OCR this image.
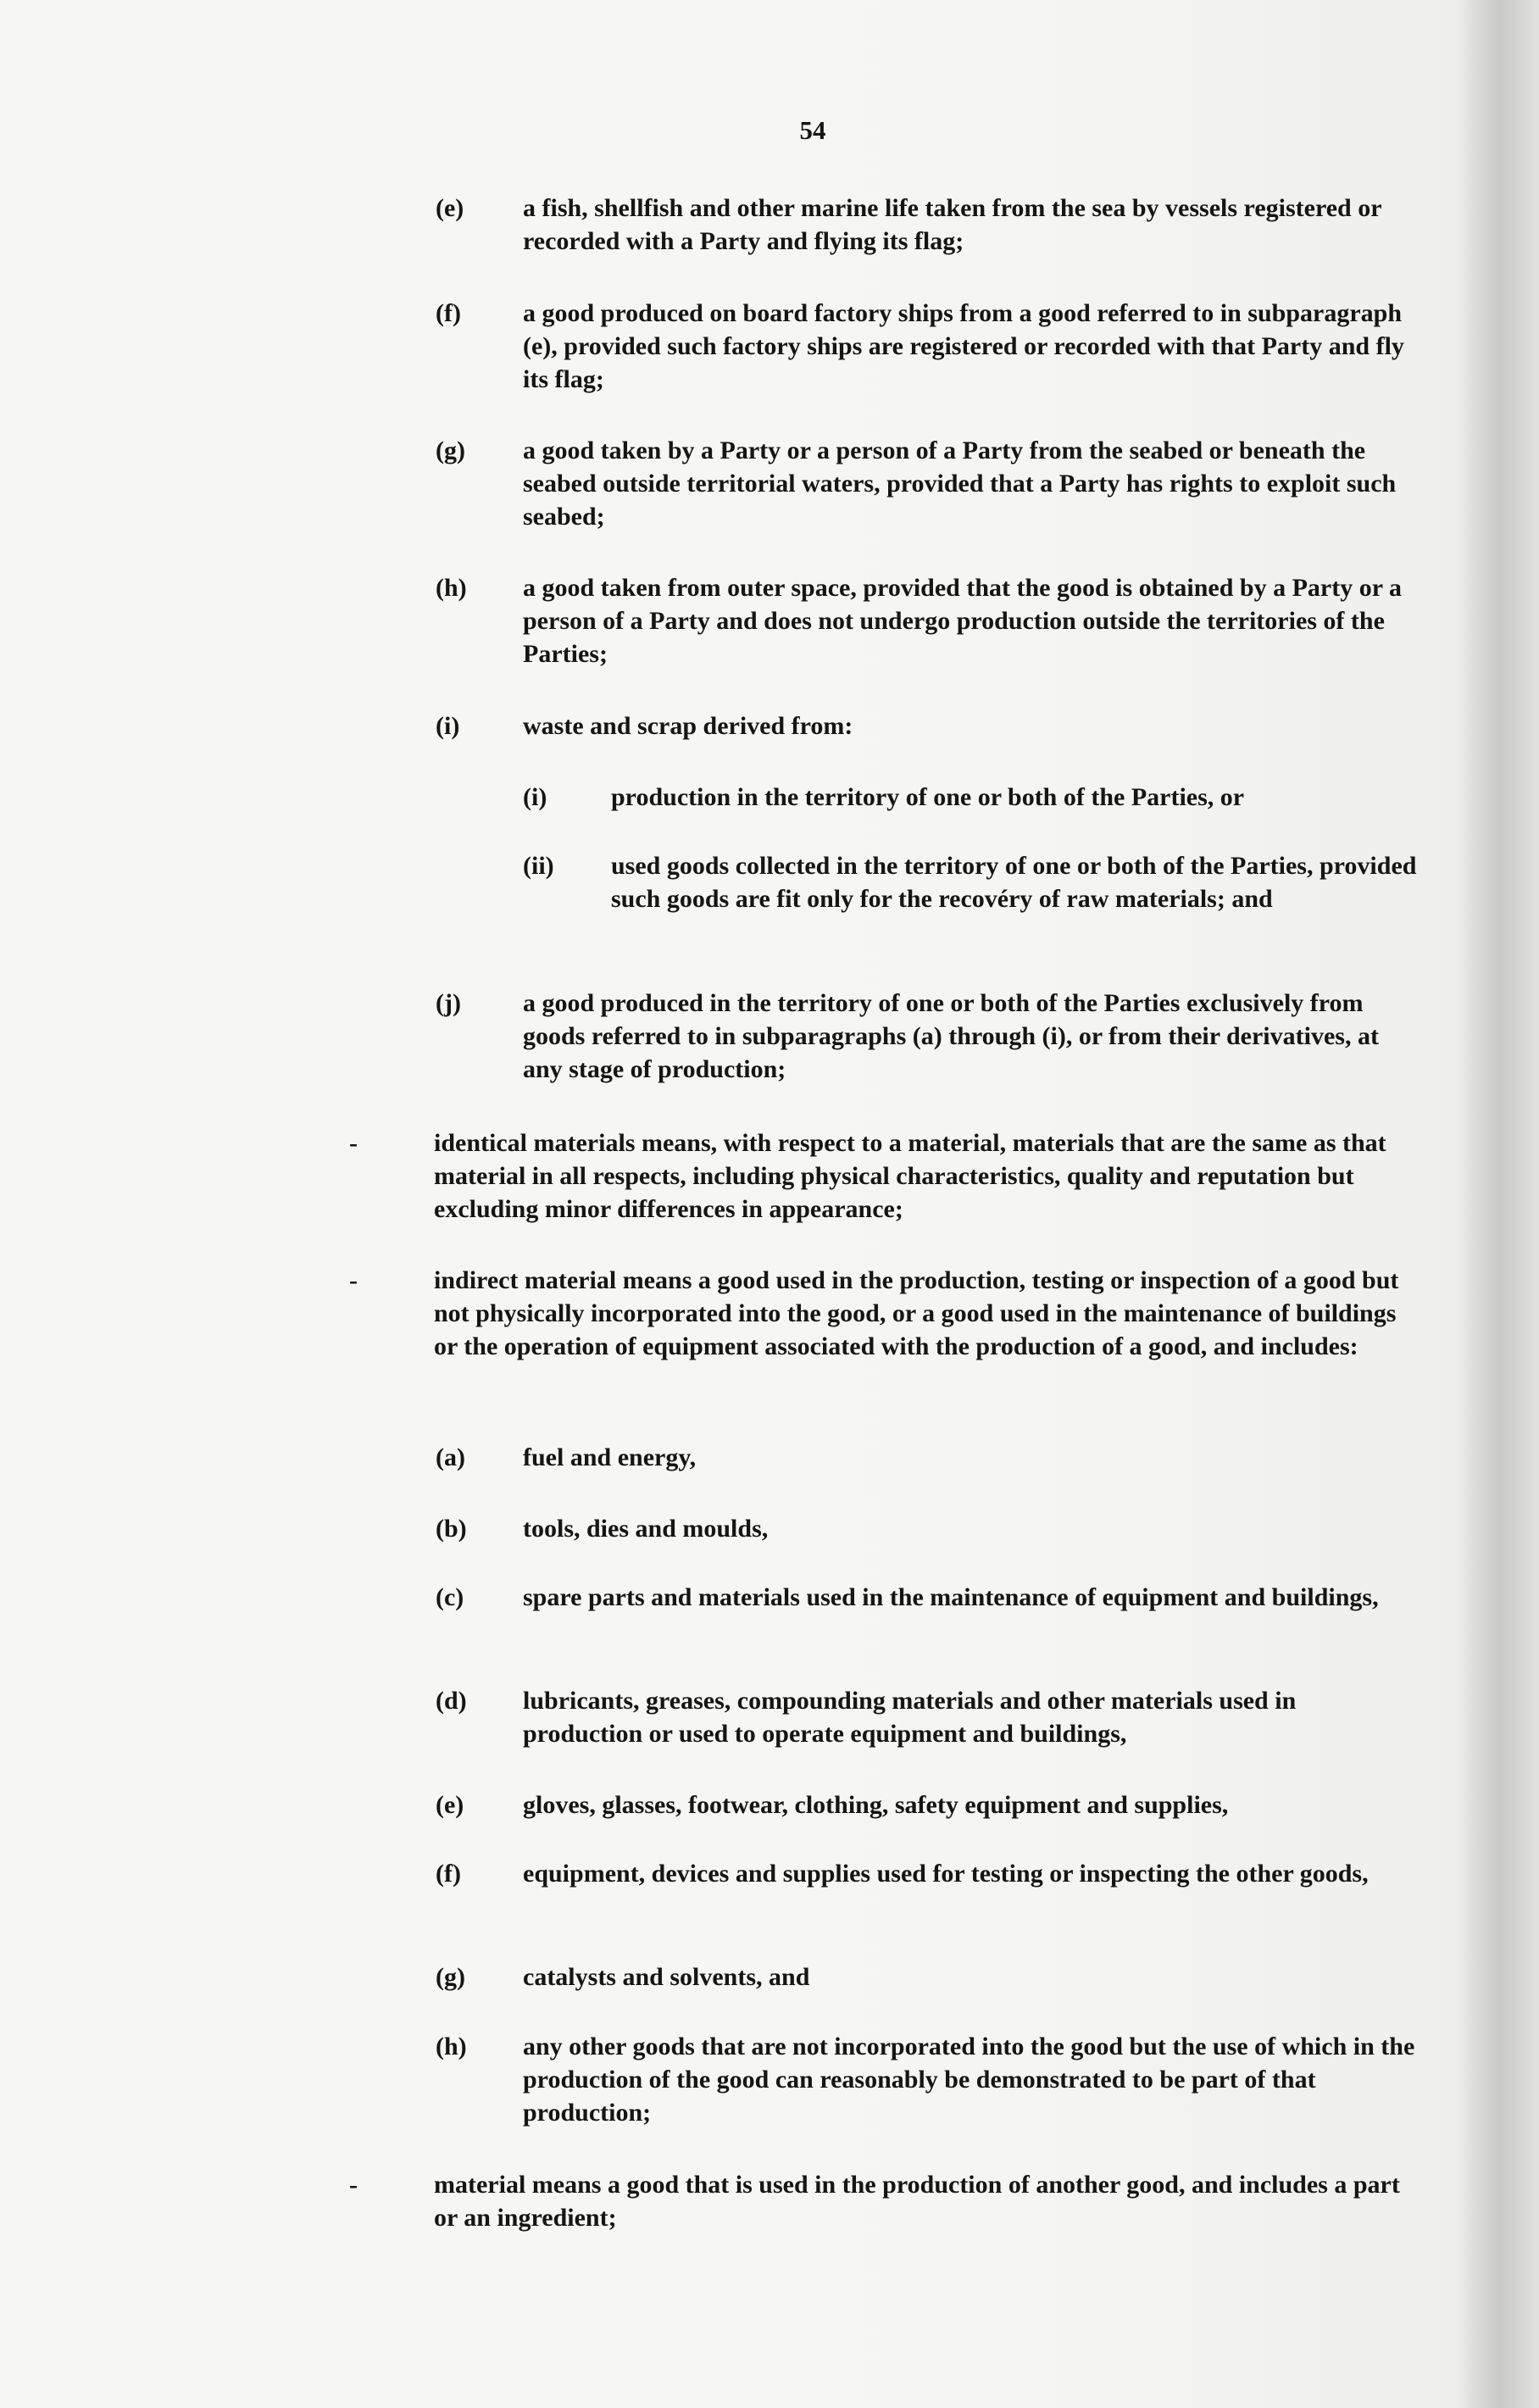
54
(e) a fish, shellfish and other marine life taken from the sea by vessels registered or recorded with a Party and flying its flag;
(f) a good produced on board factory ships from a good referred to in subparagraph (e), provided such factory ships are registered or recorded with that Party and fly its flag;
(g) a good taken by a Party or a person of a Party from the seabed or beneath the seabed outside territorial waters, provided that a Party has rights to exploit such seabed;
(h) a good taken from outer space, provided that the good is obtained by a Party or a person of a Party and does not undergo production outside the territories of the Parties;
(i) waste and scrap derived from:
(i)	production in the territory of one or both of the Parties, or
(ii) used goods collected in the territory of one or both of the Parties, provided such goods are fit only for the recovéry of raw materials; and
(j) a good produced in the territory of one or both of the Parties exclusively from goods referred to in subparagraphs (a) through (i), or from their derivatives, at any stage of production;
-	identical materials means, with respect to a material, materials that are the same as that material in all respects, including physical characteristics, quality and reputation but excluding minor differences in appearance;
-	indirect material means a good used in the production, testing or inspection of a good but not physically incorporated into the good, or a good used in the maintenance of buildings or the operation of equipment associated with the production of a good, and includes:
(a) fuel and energy,
(b) tools, dies and moulds,
(c) spare parts and materials used in the maintenance of equipment and buildings,
(d) lubricants, greases, compounding materials and other materials used in production or used to operate equipment and buildings,
(e) gloves, glasses, footwear, clothing, safety equipment and supplies,
(f) equipment, devices and supplies used for testing or inspecting the other goods,
(g) catalysts and solvents, and
(h) any other goods that are not incorporated into the good but the use of which in the production of the good can reasonably be demonstrated to be part of that production;
-	material means a good that is used in the production of another good, and includes a part or an ingredient;
